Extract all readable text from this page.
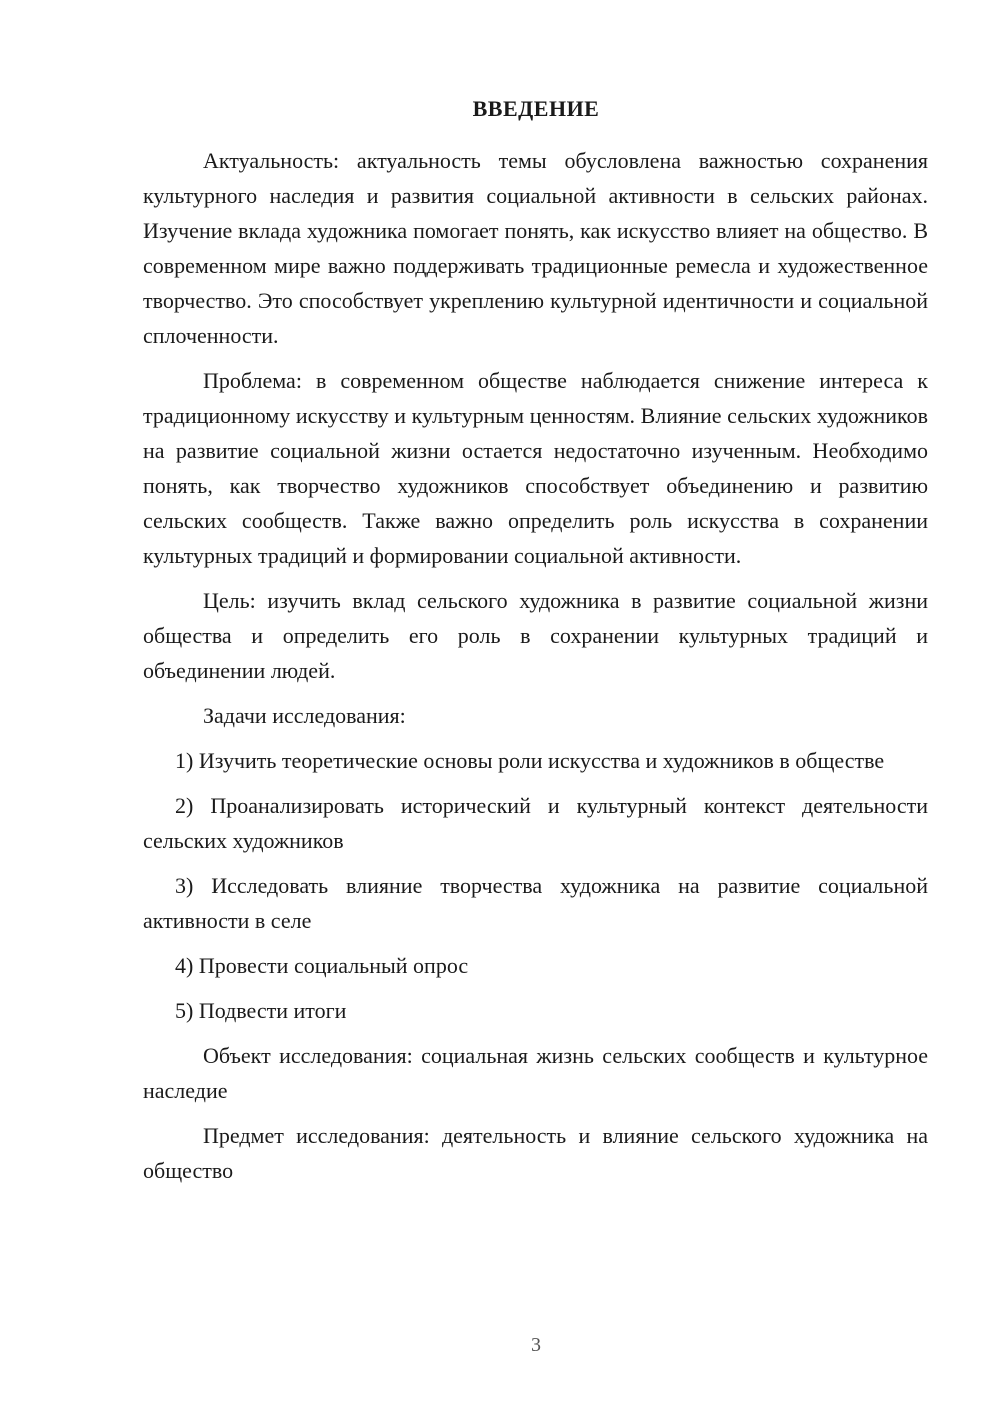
ВВЕДЕНИЕ

Актуальность: актуальность темы обусловлена важностью сохранения культурного наследия и развития социальной активности в сельских районах. Изучение вклада художника помогает понять, как искусство влияет на общество. В современном мире важно поддерживать традиционные ремесла и художественное творчество. Это способствует укреплению культурной идентичности и социальной сплоченности.

Проблема: в современном обществе наблюдается снижение интереса к традиционному искусству и культурным ценностям. Влияние сельских художников на развитие социальной жизни остается недостаточно изученным. Необходимо понять, как творчество художников способствует объединению и развитию сельских сообществ. Также важно определить роль искусства в сохранении культурных традиций и формировании социальной активности.

Цель: изучить вклад сельского художника в развитие социальной жизни общества и определить его роль в сохранении культурных традиций и объединении людей.

Задачи исследования:

1) Изучить теоретические основы роли искусства и художников в обществе

2) Проанализировать исторический и культурный контекст деятельности сельских художников

3) Исследовать влияние творчества художника на развитие социальной активности в селе

4) Провести социальный опрос

5) Подвести итоги

Объект исследования: социальная жизнь сельских сообществ и культурное наследие

Предмет исследования: деятельность и влияние сельского художника на общество

3
